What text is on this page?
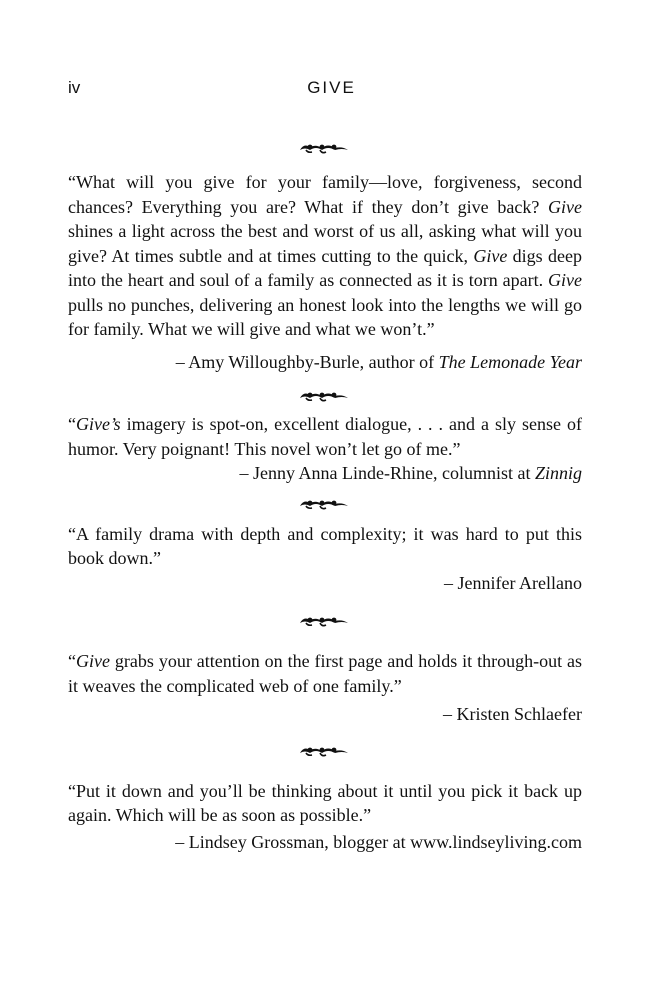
iv	GIVE

“What will you give for your family—love, forgiveness, second chances? Everything you are? What if they don’t give back? Give shines a light across the best and worst of us all, asking what will you give? At times subtle and at times cutting to the quick, Give digs deep into the heart and soul of a family as connected as it is torn apart. Give pulls no punches, delivering an honest look into the lengths we will go for family. What we will give and what we won’t.”

– Amy Willoughby-Burle, author of The Lemonade Year

“Give’s imagery is spot-on, excellent dialogue, . . . and a sly sense of humor. Very poignant! This novel won’t let go of me.”

– Jenny Anna Linde-Rhine, columnist at Zinnig

“A family drama with depth and complexity; it was hard to put this book down.”

– Jennifer Arellano

“Give grabs your attention on the first page and holds it through-out as it weaves the complicated web of one family.”

– Kristen Schlaefer

“Put it down and you’ll be thinking about it until you pick it back up again. Which will be as soon as possible.”

– Lindsey Grossman, blogger at www.lindseyliving.com
